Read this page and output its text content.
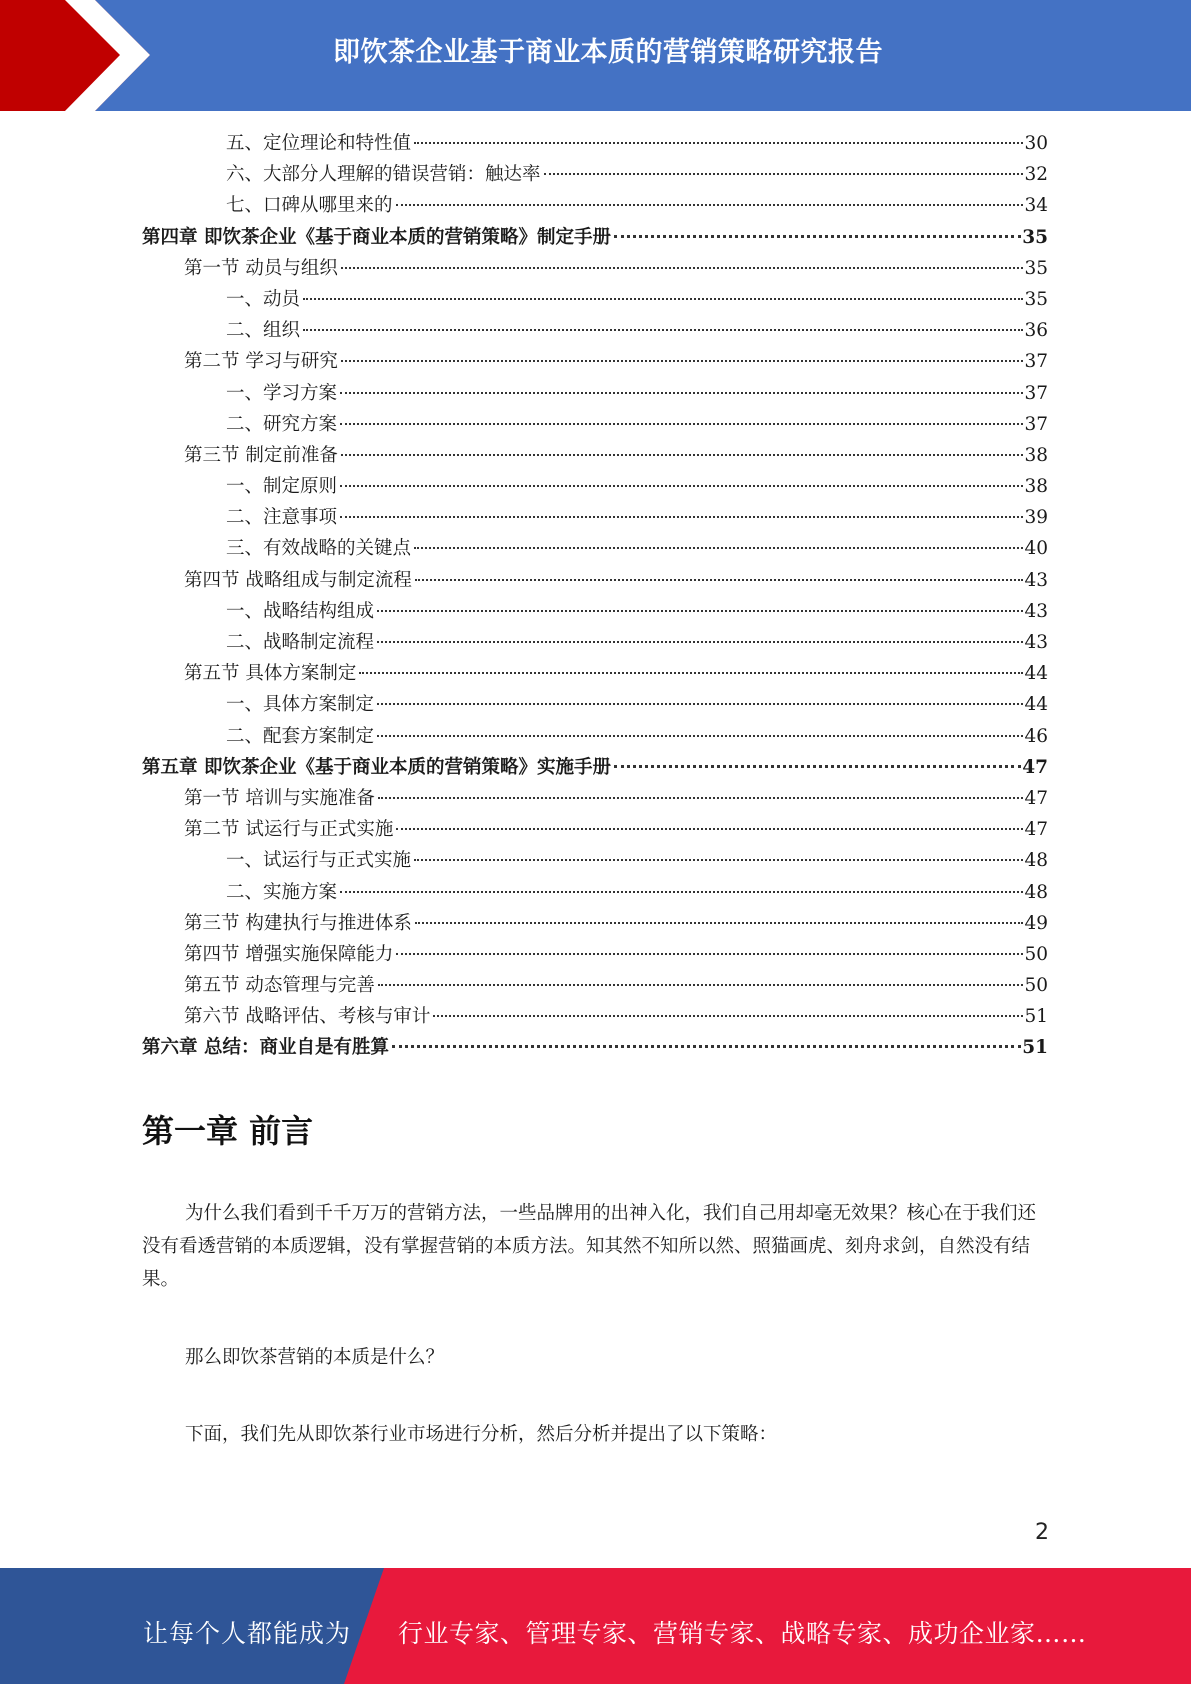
即饮茶企业基于商业本质的营销策略研究报告
五、定位理论和特性值	30
六、大部分人理解的错误营销：触达率	32
七、口碑从哪里来的	34
第四章 即饮茶企业《基于商业本质的营销策略》制定手册	35
第一节 动员与组织	35
一、动员	35
二、组织	36
第二节 学习与研究	37
一、学习方案	37
二、研究方案	37
第三节 制定前准备	38
一、制定原则	38
二、注意事项	39
三、有效战略的关键点	40
第四节 战略组成与制定流程	43
一、战略结构组成	43
二、战略制定流程	43
第五节 具体方案制定	44
一、具体方案制定	44
二、配套方案制定	46
第五章 即饮茶企业《基于商业本质的营销策略》实施手册	47
第一节 培训与实施准备	47
第二节 试运行与正式实施	47
一、试运行与正式实施	48
二、实施方案	48
第三节 构建执行与推进体系	49
第四节 增强实施保障能力	50
第五节 动态管理与完善	50
第六节 战略评估、考核与审计	51
第六章 总结：商业自是有胜算	51
第一章 前言

为什么我们看到千千万万的营销方法，一些品牌用的出神入化，我们自己用却毫无效果？核心在于我们还没有看透营销的本质逻辑，没有掌握营销的本质方法。知其然不知所以然、照猫画虎、刻舟求剑，自然没有结果。

那么即饮茶营销的本质是什么？

下面，我们先从即饮茶行业市场进行分析，然后分析并提出了以下策略：

2
让每个人都能成为 行业专家、管理专家、营销专家、战略专家、成功企业家……
